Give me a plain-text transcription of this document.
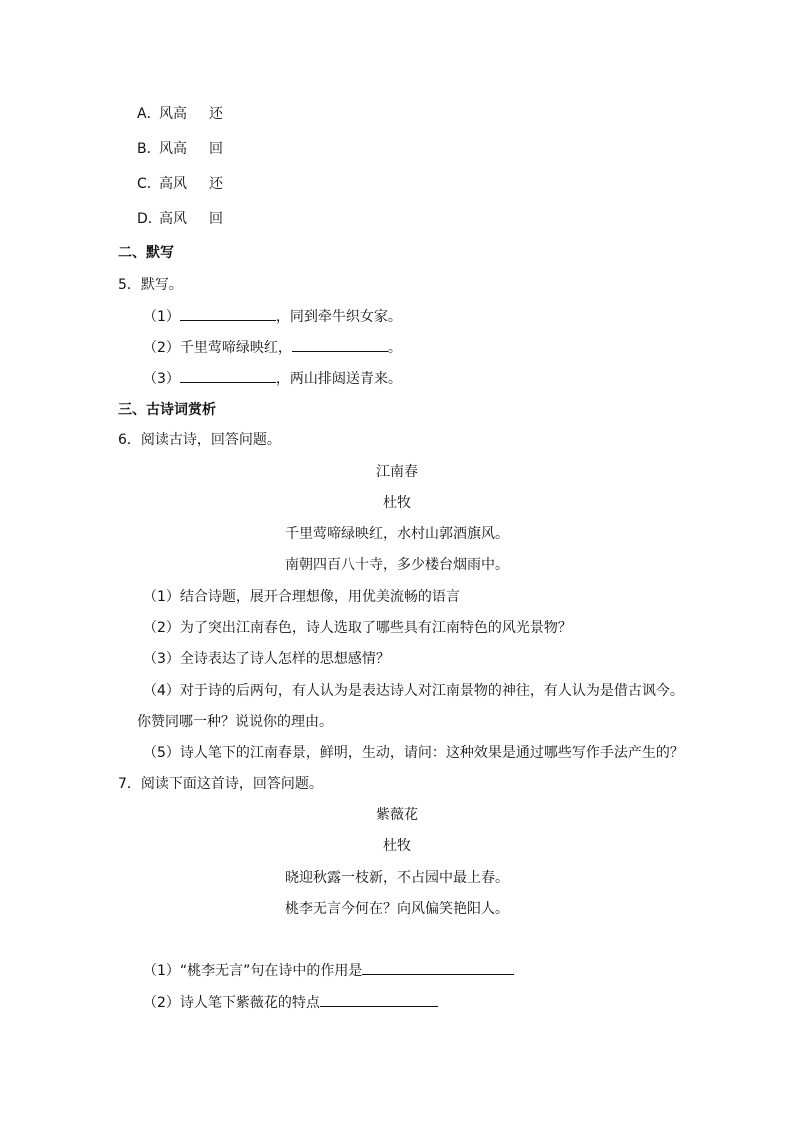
A．风高 还
B．风高 回
C．高风 还
D．高风 回
二、默写
5．默写。
（1）	，同到牵牛织女家。
（2）千里莺啼绿映红，	。
（3）	，两山排闼送青来。
三、古诗词赏析
6．阅读古诗，回答问题。
江南春
杜牧
千里莺啼绿映红，水村山郭酒旗风。
南朝四百八十寺，多少楼台烟雨中。
（1）结合诗题，展开合理想像，用优美流畅的语言
（2）为了突出江南春色，诗人选取了哪些具有江南特色的风光景物？
（3）全诗表达了诗人怎样的思想感情？
（4）对于诗的后两句，有人认为是表达诗人对江南景物的神往，有人认为是借古讽今。
你赞同哪一种？说说你的理由。
（5）诗人笔下的江南春景，鲜明，生动，请问：这种效果是通过哪些写作手法产生的？
7．阅读下面这首诗，回答问题。
紫薇花
杜牧
晓迎秋露一枝新，不占园中最上春。
桃李无言今何在？向风偏笑艳阳人。
（1）“桃李无言”句在诗中的作用是
（2）诗人笔下紫薇花的特点
